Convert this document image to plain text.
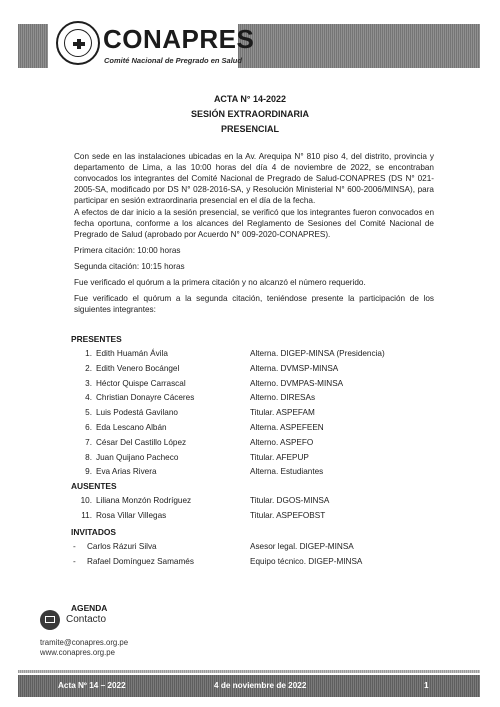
CONAPRES
Comité Nacional de Pregrado en Salud
ACTA N° 14-2022
SESIÓN EXTRAORDINARIA
PRESENCIAL
Con sede en las instalaciones ubicadas en la Av. Arequipa N° 810 piso 4, del distrito, provincia y departamento de Lima, a las 10:00 horas del día 4 de noviembre de 2022, se encontraban convocados los integrantes del Comité Nacional de Pregrado de Salud-CONAPRES (DS N° 021-2005-SA, modificado por DS N° 028-2016-SA, y Resolución Ministerial N° 600-2006/MINSA), para participar en sesión extraordinaria presencial en el día de la fecha.
A efectos de dar inicio a la sesión presencial, se verificó que los integrantes fueron convocados en fecha oportuna, conforme a los alcances del Reglamento de Sesiones del Comité Nacional de Pregrado de Salud (aprobado por Acuerdo N° 009-2020-CONAPRES).
Primera citación: 10:00 horas
Segunda citación: 10:15 horas
Fue verificado el quórum a la primera citación y no alcanzó el número requerido.
Fue verificado el quórum a la segunda citación, teniéndose presente la participación de los siguientes integrantes:
PRESENTES
1. Edith Huamán Ávila	Alterna. DIGEP-MINSA (Presidencia)
2. Edith Venero Bocángel	Alterna. DVMSP-MINSA
3. Héctor Quispe Carrascal	Alterno. DVMPAS-MINSA
4. Christian Donayre Cáceres	Alterno. DIRESAs
5. Luis Podestá Gavilano	Titular. ASPEFAM
6. Eda Lescano Albán	Alterna. ASPEFEEN
7. César Del Castillo López	Alterno. ASPEFO
8. Juan Quijano Pacheco	Titular. AFEPUP
9. Eva Arias Rivera	Alterna. Estudiantes
AUSENTES
10. Liliana Monzón Rodríguez	Titular. DGOS-MINSA
11. Rosa Villar Villegas	Titular. ASPEFOBST
INVITADOS
- Carlos Rázuri Silva	Asesor legal. DIGEP-MINSA
- Rafael Domínguez Samamés	Equipo técnico. DIGEP-MINSA
AGENDA
Contacto
tramite@conapres.org.pe
www.conapres.org.pe
Acta Nº 14 – 2022	4 de noviembre de 2022	1
